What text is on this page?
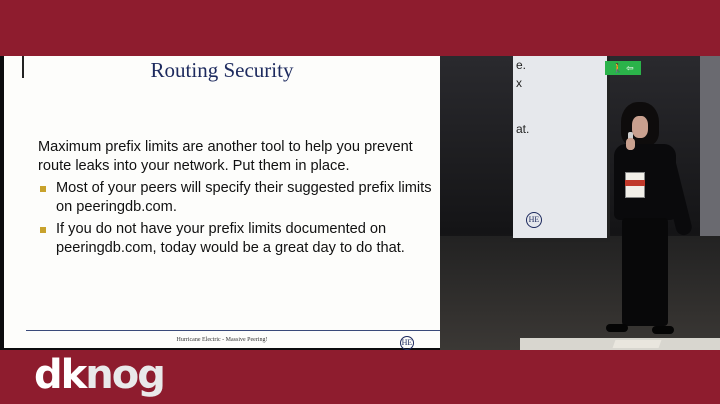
e.
x
at.
HE
🚶 ⇦
Routing Security

Maximum prefix limits are another tool to help you prevent route leaks into your network. Put them in place.

Most of your peers will specify their suggested prefix limits on peeringdb.com.
If you do not have your prefix limits documented on peeringdb.com, today would be a great day to do that.
Hurricane Electric - Massive Peering!	HE
dknog
